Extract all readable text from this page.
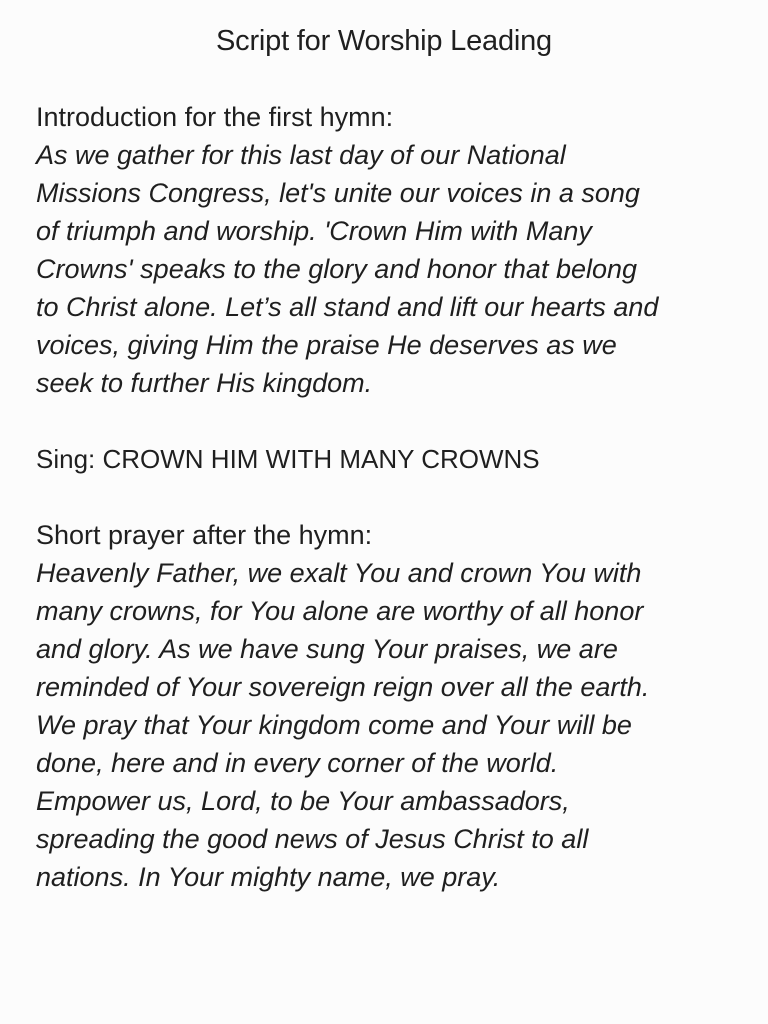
Script for Worship Leading
Introduction for the first hymn:
As we gather for this last day of our National
Missions Congress, let's unite our voices in a song
of triumph and worship. 'Crown Him with Many
Crowns' speaks to the glory and honor that belong
to Christ alone. Let’s all stand and lift our hearts and
voices, giving Him the praise He deserves as we
seek to further His kingdom.
Sing: CROWN HIM WITH MANY CROWNS
Short prayer after the hymn:
Heavenly Father, we exalt You and crown You with
many crowns, for You alone are worthy of all honor
and glory. As we have sung Your praises, we are
reminded of Your sovereign reign over all the earth.
We pray that Your kingdom come and Your will be
done, here and in every corner of the world.
Empower us, Lord, to be Your ambassadors,
spreading the good news of Jesus Christ to all
nations. In Your mighty name, we pray.
